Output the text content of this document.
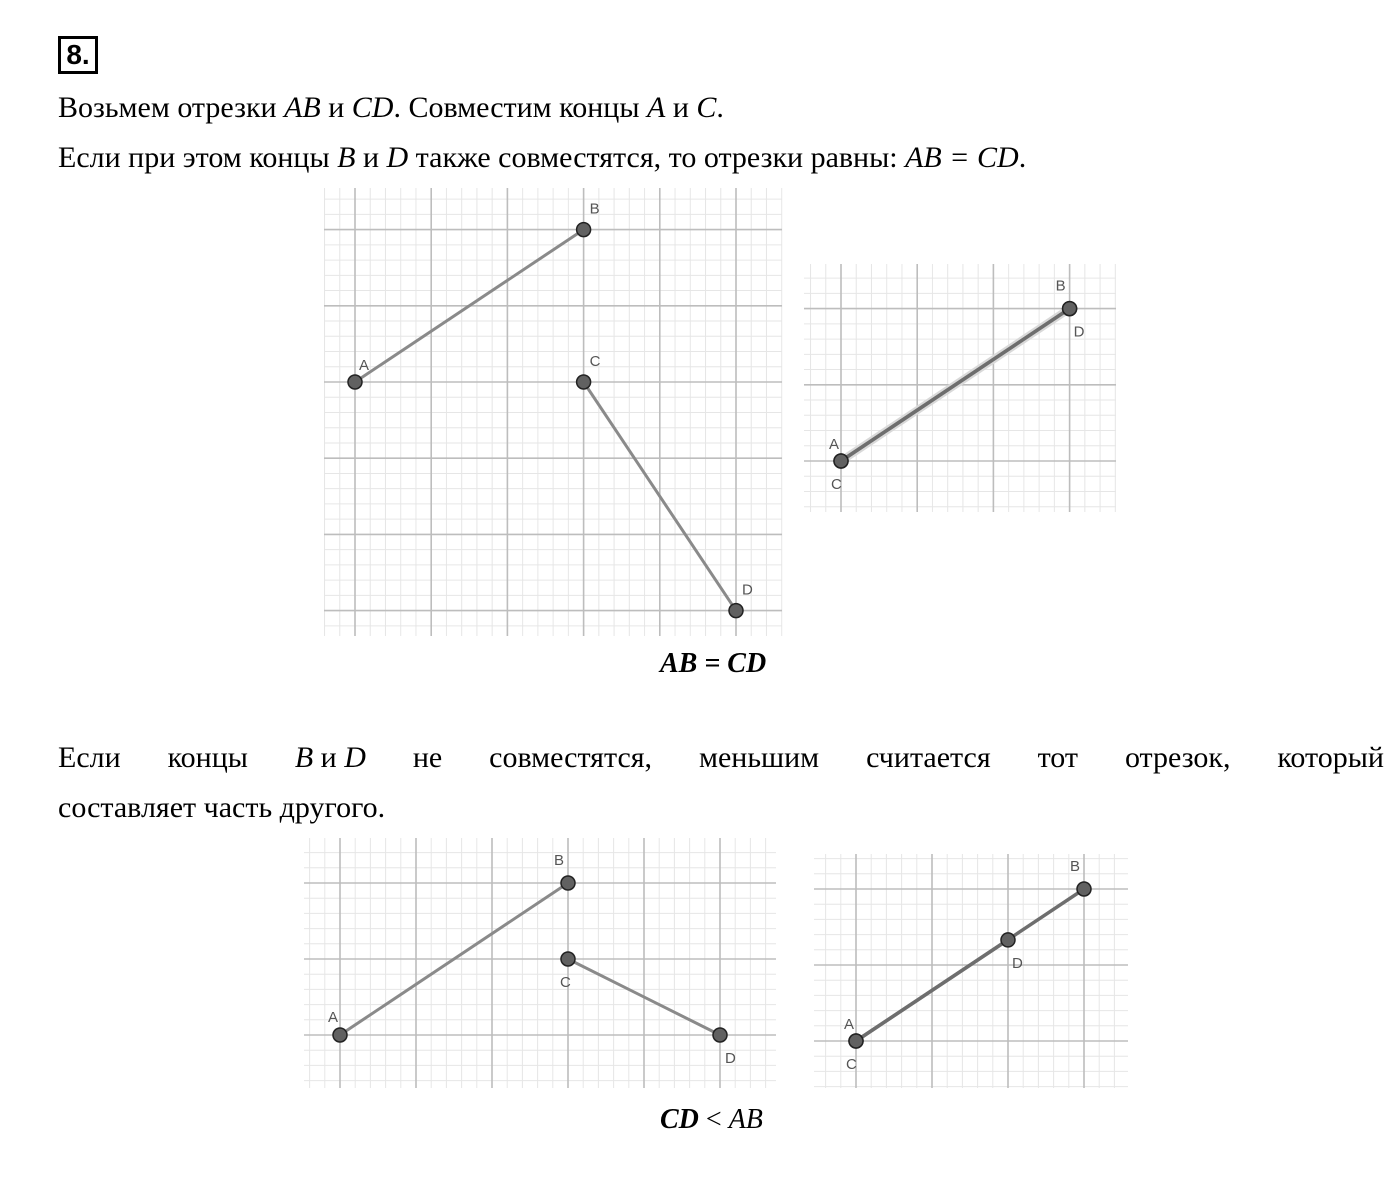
8.
Возьмем отрезки AB и CD. Совместим концы A и C.
Если при этом концы B и D также совместятся, то отрезки равны: AB = CD.
A
B
C
D
A
B
C
D
AB = CD
Если концы B и D не совместятся, меньшим считается тот отрезок, который
составляет часть другого.
A
B
C
D
A
B
C
D
CD < AB
